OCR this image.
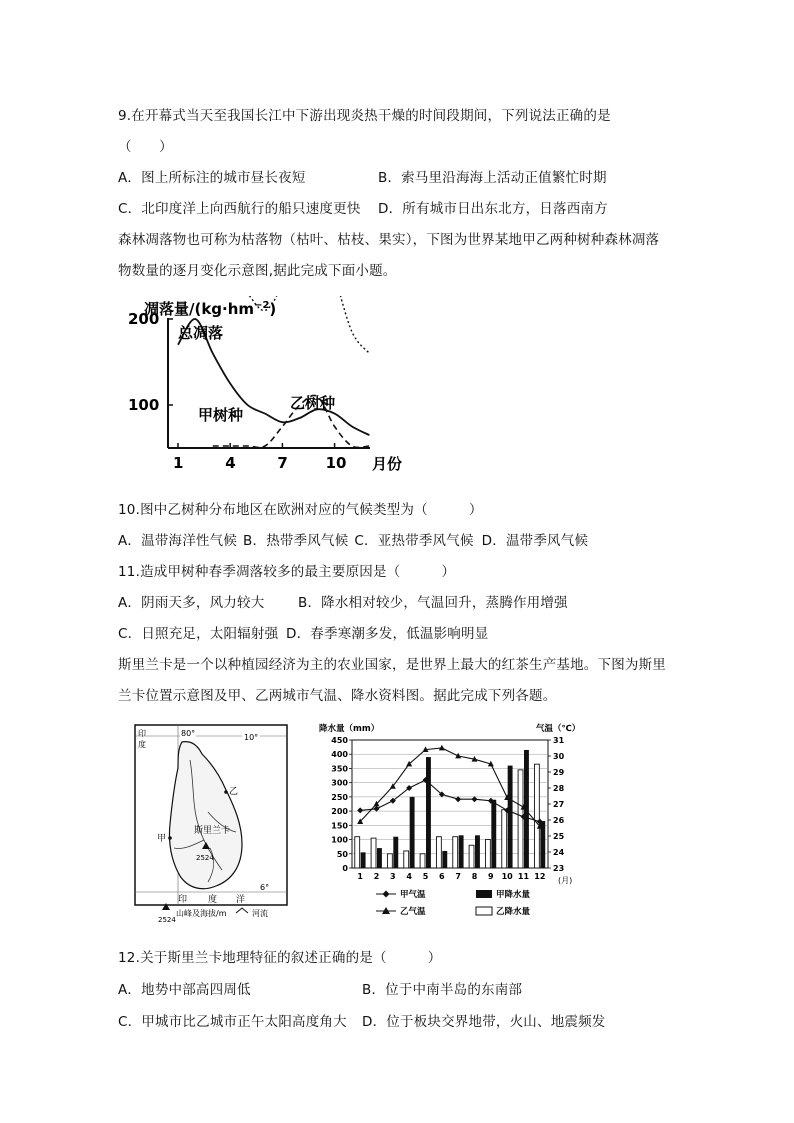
9.在开幕式当天至我国长江中下游出现炎热干燥的时间段期间，下列说法正确的是
（　　）
A．图上所标注的城市昼长夜短	B．索马里沿海海上活动正值繁忙时期
C．北印度洋上向西航行的船只速度更快 D．所有城市日出东北方，日落西南方
森林凋落物也可称为枯落物（枯叶、枯枝、果实），下图为世界某地甲乙两种树种森林凋落
物数量的逐月变化示意图,据此完成下面小题。
凋落量$/(kg\cdot hm^{-2})$
100
200
1	4	7	10
总凋落
甲树种
乙树种
月份
10.图中乙树种分布地区在欧洲对应的气候类型为（　　　）
A．温带海洋性气候 B．热带季风气候 C．亚热带季风气候 D．温带季风气候
11.造成甲树种春季凋落较多的最主要原因是（　　　）
A．阴雨天多，风力较大 B．降水相对较少，气温回升，蒸腾作用增强
C．日照充足，太阳辐射强 D．春季寒潮多发，低温影响明显
斯里兰卡是一个以种植园经济为主的农业国家，是世界上最大的红茶生产基地。下图为斯里
兰卡位置示意图及甲、乙两城市气温、降水资料图。据此完成下列各题。
80°	10°
6°
印
度
印 度 洋
乙
甲
斯里兰卡
2524
2524
山峰及海拔/m	河流
降水量（mm）	气温（℃）
0
50
100
150
200
250
300
350
400
450
23
24
25
26
27
28
29
30
31
1 2 3 4 5 6 7 8 9 10 11 12 (月)
甲气温	甲降水量
乙气温	乙降水量
12.关于斯里兰卡地理特征的叙述正确的是（　　　）
A．地势中部高四周低	B．位于中南半岛的东南部
C．甲城市比乙城市正午太阳高度角大 D．位于板块交界地带，火山、地震频发
